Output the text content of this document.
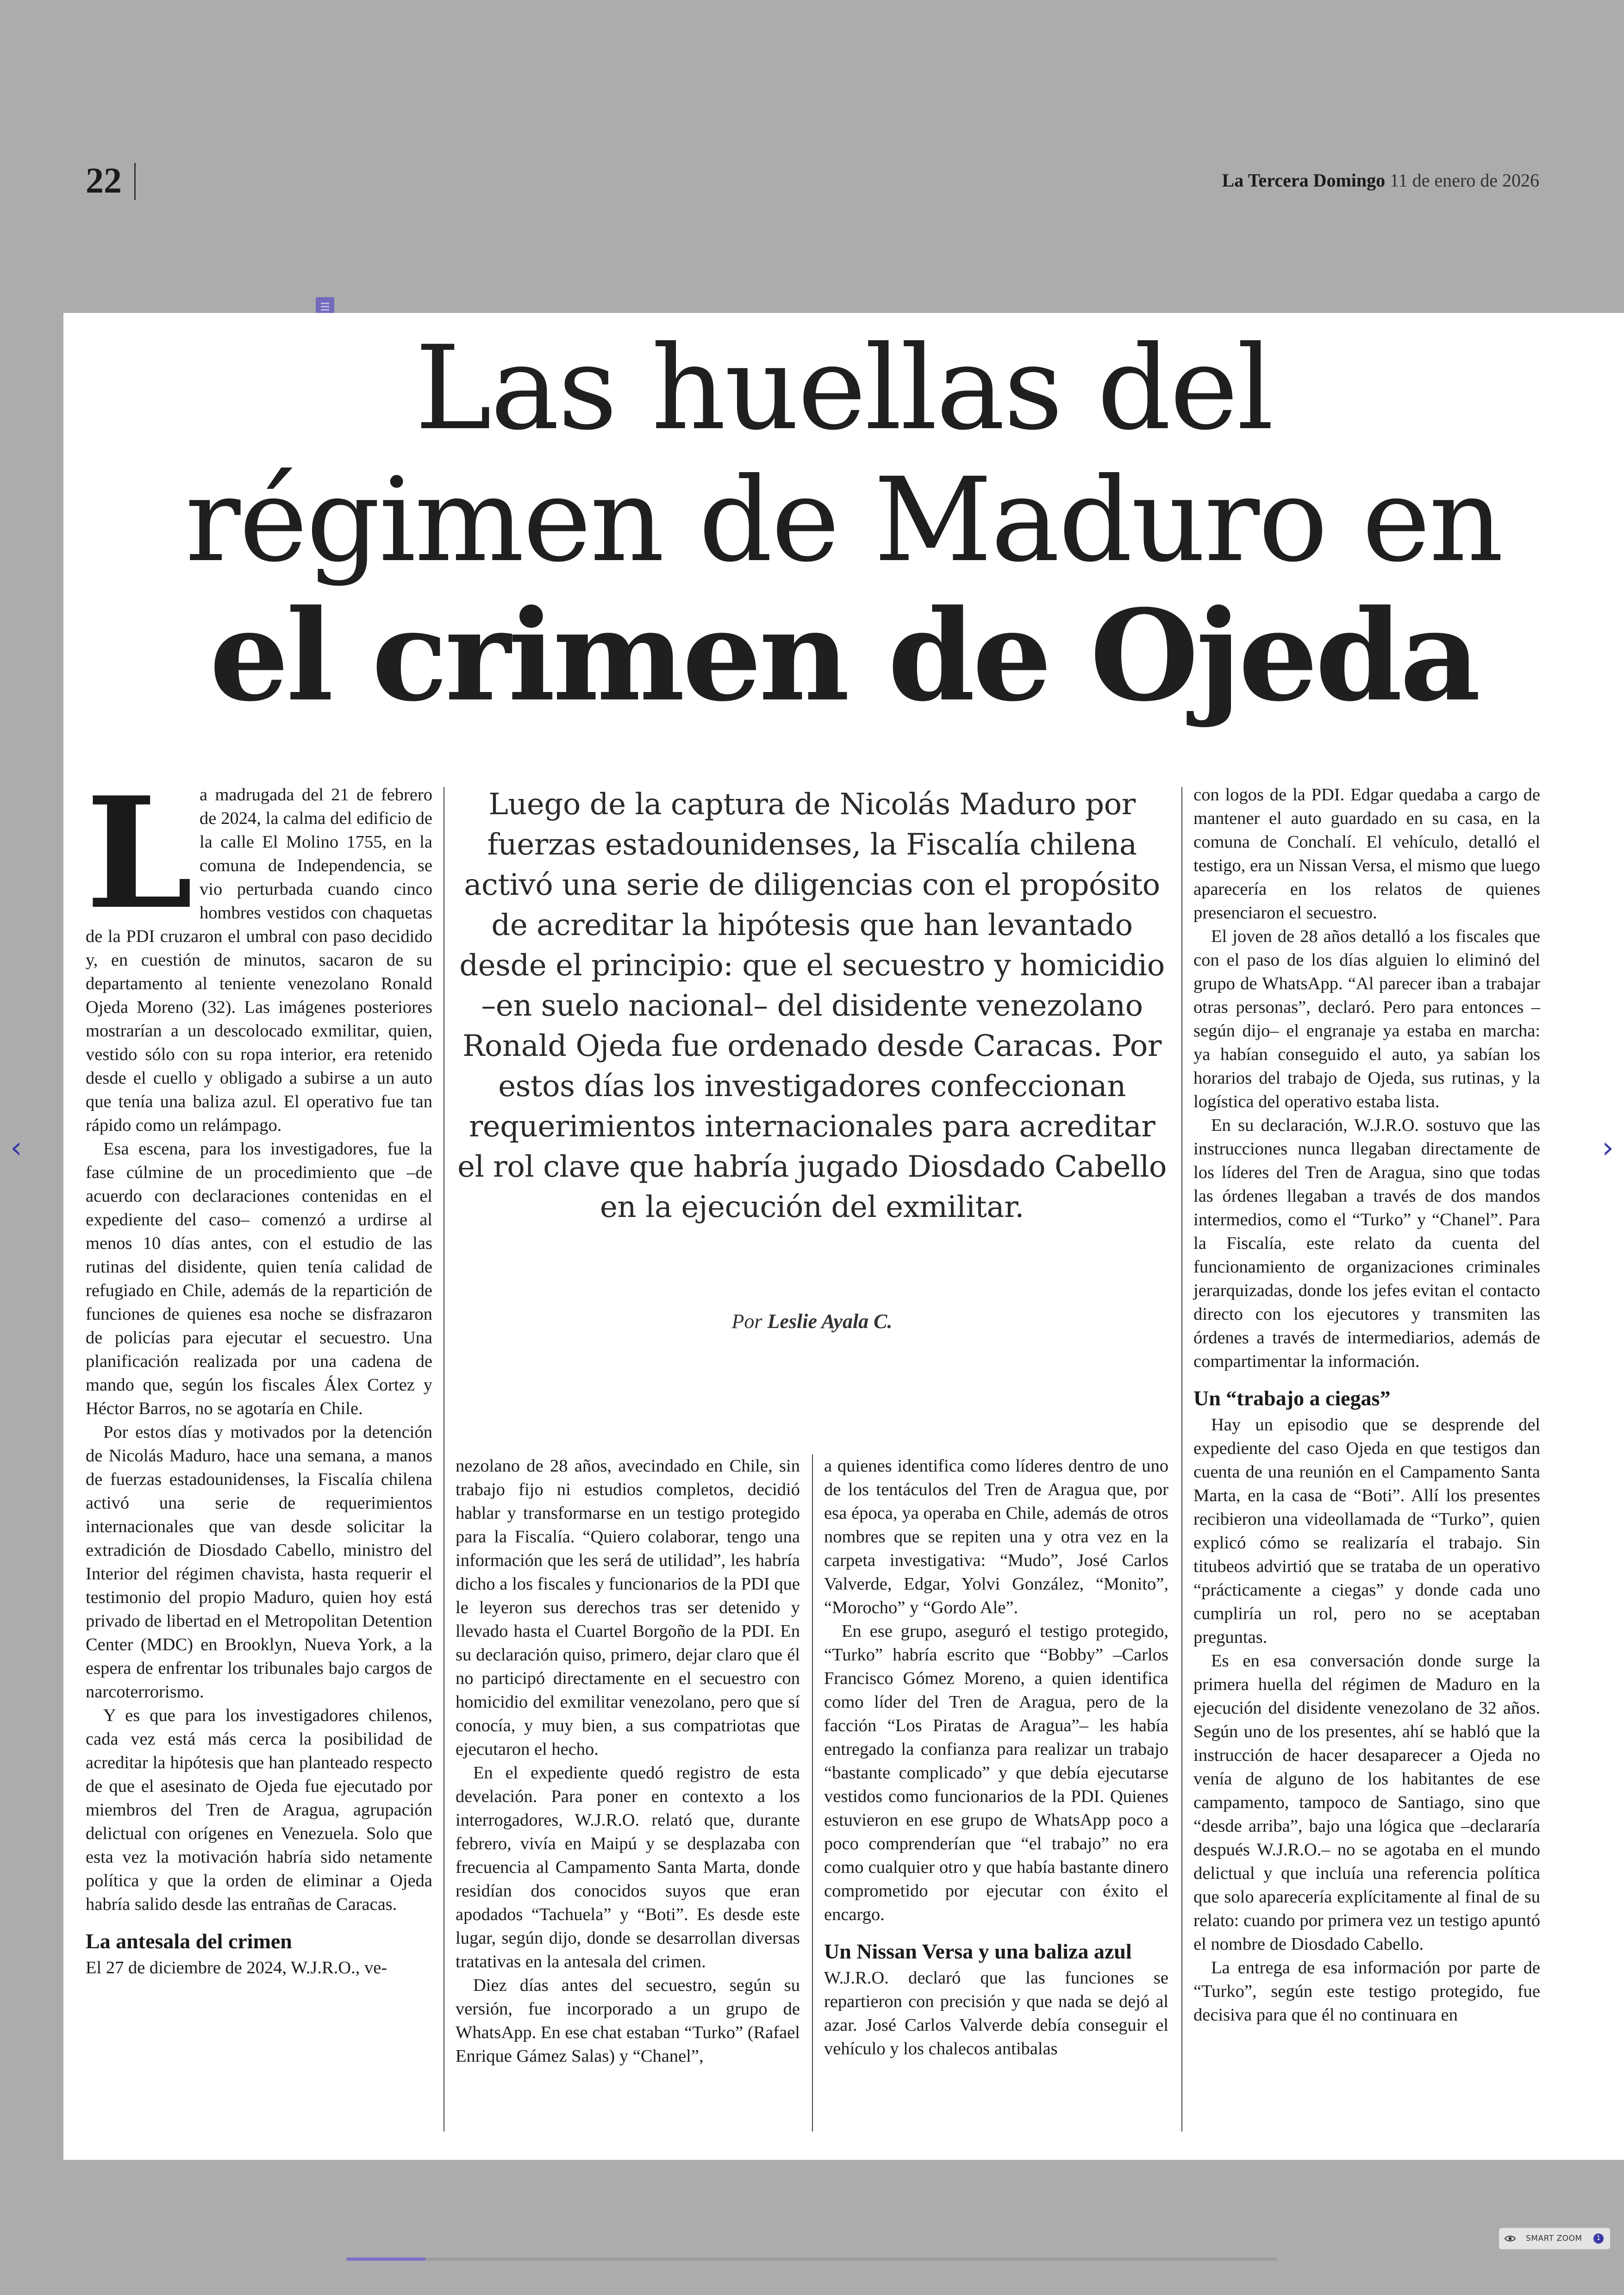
22	La Tercera Domingo 11 de enero de 2026
Las huellas del
régimen de Maduro en
el crimen de Ojeda

La madrugada del 21 de febrero de 2024, la calma del edificio de la calle El Molino 1755, en la comuna de Independencia, se vio perturbada cuando cinco hombres vestidos con chaquetas de la PDI cruzaron el umbral con paso decidido y, en cuestión de minutos, sacaron de su departamento al teniente venezolano Ronald Ojeda Moreno (32). Las imágenes posteriores mostrarían a un descolocado exmilitar, quien, vestido sólo con su ropa interior, era retenido desde el cuello y obligado a subirse a un auto que tenía una baliza azul. El operativo fue tan rápido como un relámpago.

Esa escena, para los investigadores, fue la fase cúlmine de un procedimiento que –de acuerdo con declaraciones contenidas en el expediente del caso– comenzó a urdirse al menos 10 días antes, con el estudio de las rutinas del disidente, quien tenía calidad de refugiado en Chile, además de la repartición de funciones de quienes esa noche se disfrazaron de policías para ejecutar el secuestro. Una planificación realizada por una cadena de mando que, según los fiscales Álex Cortez y Héctor Barros, no se agotaría en Chile.

Por estos días y motivados por la detención de Nicolás Maduro, hace una semana, a manos de fuerzas estadounidenses, la Fiscalía chilena activó una serie de requerimientos internacionales que van desde solicitar la extradición de Diosdado Cabello, ministro del Interior del régimen chavista, hasta requerir el testimonio del propio Maduro, quien hoy está privado de libertad en el Metropolitan Detention Center (MDC) en Brooklyn, Nueva York, a la espera de enfrentar los tribunales bajo cargos de narcoterrorismo.

Y es que para los investigadores chilenos, cada vez está más cerca la posibilidad de acreditar la hipótesis que han planteado respecto de que el asesinato de Ojeda fue ejecutado por miembros del Tren de Aragua, agrupación delictual con orígenes en Venezuela. Solo que esta vez la motivación habría sido netamente política y que la orden de eliminar a Ojeda habría salido desde las entrañas de Caracas.

La antesala del crimen

El 27 de diciembre de 2024, W.J.R.O., ve-

Luego de la captura de Nicolás Maduro por fuerzas estadounidenses, la Fiscalía chilena activó una serie de diligencias con el propósito de acreditar la hipótesis que han levantado desde el principio: que el secuestro y homicidio –en suelo nacional– del disidente venezolano Ronald Ojeda fue ordenado desde Caracas. Por estos días los investigadores confeccionan requerimientos internacionales para acreditar el rol clave que habría jugado Diosdado Cabello en la ejecución del exmilitar.
Por Leslie Ayala C.

nezolano de 28 años, avecindado en Chile, sin trabajo fijo ni estudios completos, decidió hablar y transformarse en un testigo protegido para la Fiscalía. “Quiero colaborar, tengo una información que les será de utilidad”, les habría dicho a los fiscales y funcionarios de la PDI que le leyeron sus derechos tras ser detenido y llevado hasta el Cuartel Borgoño de la PDI. En su declaración quiso, primero, dejar claro que él no participó directamente en el secuestro con homicidio del exmilitar venezolano, pero que sí conocía, y muy bien, a sus compatriotas que ejecutaron el hecho.

En el expediente quedó registro de esta develación. Para poner en contexto a los interrogadores, W.J.R.O. relató que, durante febrero, vivía en Maipú y se desplazaba con frecuencia al Campamento Santa Marta, donde residían dos conocidos suyos que eran apodados “Tachuela” y “Boti”. Es desde este lugar, según dijo, donde se desarrollan diversas tratativas en la antesala del crimen.

Diez días antes del secuestro, según su versión, fue incorporado a un grupo de WhatsApp. En ese chat estaban “Turko” (Rafael Enrique Gámez Salas) y “Chanel”,

a quienes identifica como líderes dentro de uno de los tentáculos del Tren de Aragua que, por esa época, ya operaba en Chile, además de otros nombres que se repiten una y otra vez en la carpeta investigativa: “Mudo”, José Carlos Valverde, Edgar, Yolvi González, “Monito”, “Morocho” y “Gordo Ale”.

En ese grupo, aseguró el testigo protegido, “Turko” habría escrito que “Bobby” –Carlos Francisco Gómez Moreno, a quien identifica como líder del Tren de Aragua, pero de la facción “Los Piratas de Aragua”– les había entregado la confianza para realizar un trabajo “bastante complicado” y que debía ejecutarse vestidos como funcionarios de la PDI. Quienes estuvieron en ese grupo de WhatsApp poco a poco comprenderían que “el trabajo” no era como cualquier otro y que había bastante dinero comprometido por ejecutar con éxito el encargo.

Un Nissan Versa y una baliza azul

W.J.R.O. declaró que las funciones se repartieron con precisión y que nada se dejó al azar. José Carlos Valverde debía conseguir el vehículo y los chalecos antibalas

con logos de la PDI. Edgar quedaba a cargo de mantener el auto guardado en su casa, en la comuna de Conchalí. El vehículo, detalló el testigo, era un Nissan Versa, el mismo que luego aparecería en los relatos de quienes presenciaron el secuestro.

El joven de 28 años detalló a los fiscales que con el paso de los días alguien lo eliminó del grupo de WhatsApp. “Al parecer iban a trabajar otras personas”, declaró. Pero para entonces –según dijo– el engranaje ya estaba en marcha: ya habían conseguido el auto, ya sabían los horarios del trabajo de Ojeda, sus rutinas, y la logística del operativo estaba lista.

En su declaración, W.J.R.O. sostuvo que las instrucciones nunca llegaban directamente de los líderes del Tren de Aragua, sino que todas las órdenes llegaban a través de dos mandos intermedios, como el “Turko” y “Chanel”. Para la Fiscalía, este relato da cuenta del funcionamiento de organizaciones criminales jerarquizadas, donde los jefes evitan el contacto directo con los ejecutores y transmiten las órdenes a través de intermediarios, además de compartimentar la información.

Un “trabajo a ciegas”

Hay un episodio que se desprende del expediente del caso Ojeda en que testigos dan cuenta de una reunión en el Campamento Santa Marta, en la casa de “Boti”. Allí los presentes recibieron una videollamada de “Turko”, quien explicó cómo se realizaría el trabajo. Sin titubeos advirtió que se trataba de un operativo “prácticamente a ciegas” y donde cada uno cumpliría un rol, pero no se aceptaban preguntas.

Es en esa conversación donde surge la primera huella del régimen de Maduro en la ejecución del disidente venezolano de 32 años. Según uno de los presentes, ahí se habló que la instrucción de hacer desaparecer a Ojeda no venía de alguno de los habitantes de ese campamento, tampoco de Santiago, sino que “desde arriba”, bajo una lógica que –declararía después W.J.R.O.– no se agotaba en el mundo delictual y que incluía una referencia política que solo aparecería explícitamente al final de su relato: cuando por primera vez un testigo apuntó el nombre de Diosdado Cabello.

La entrega de esa información por parte de “Turko”, según este testigo protegido, fue decisiva para que él no continuara en

‹	›
SMART ZOOM	1
